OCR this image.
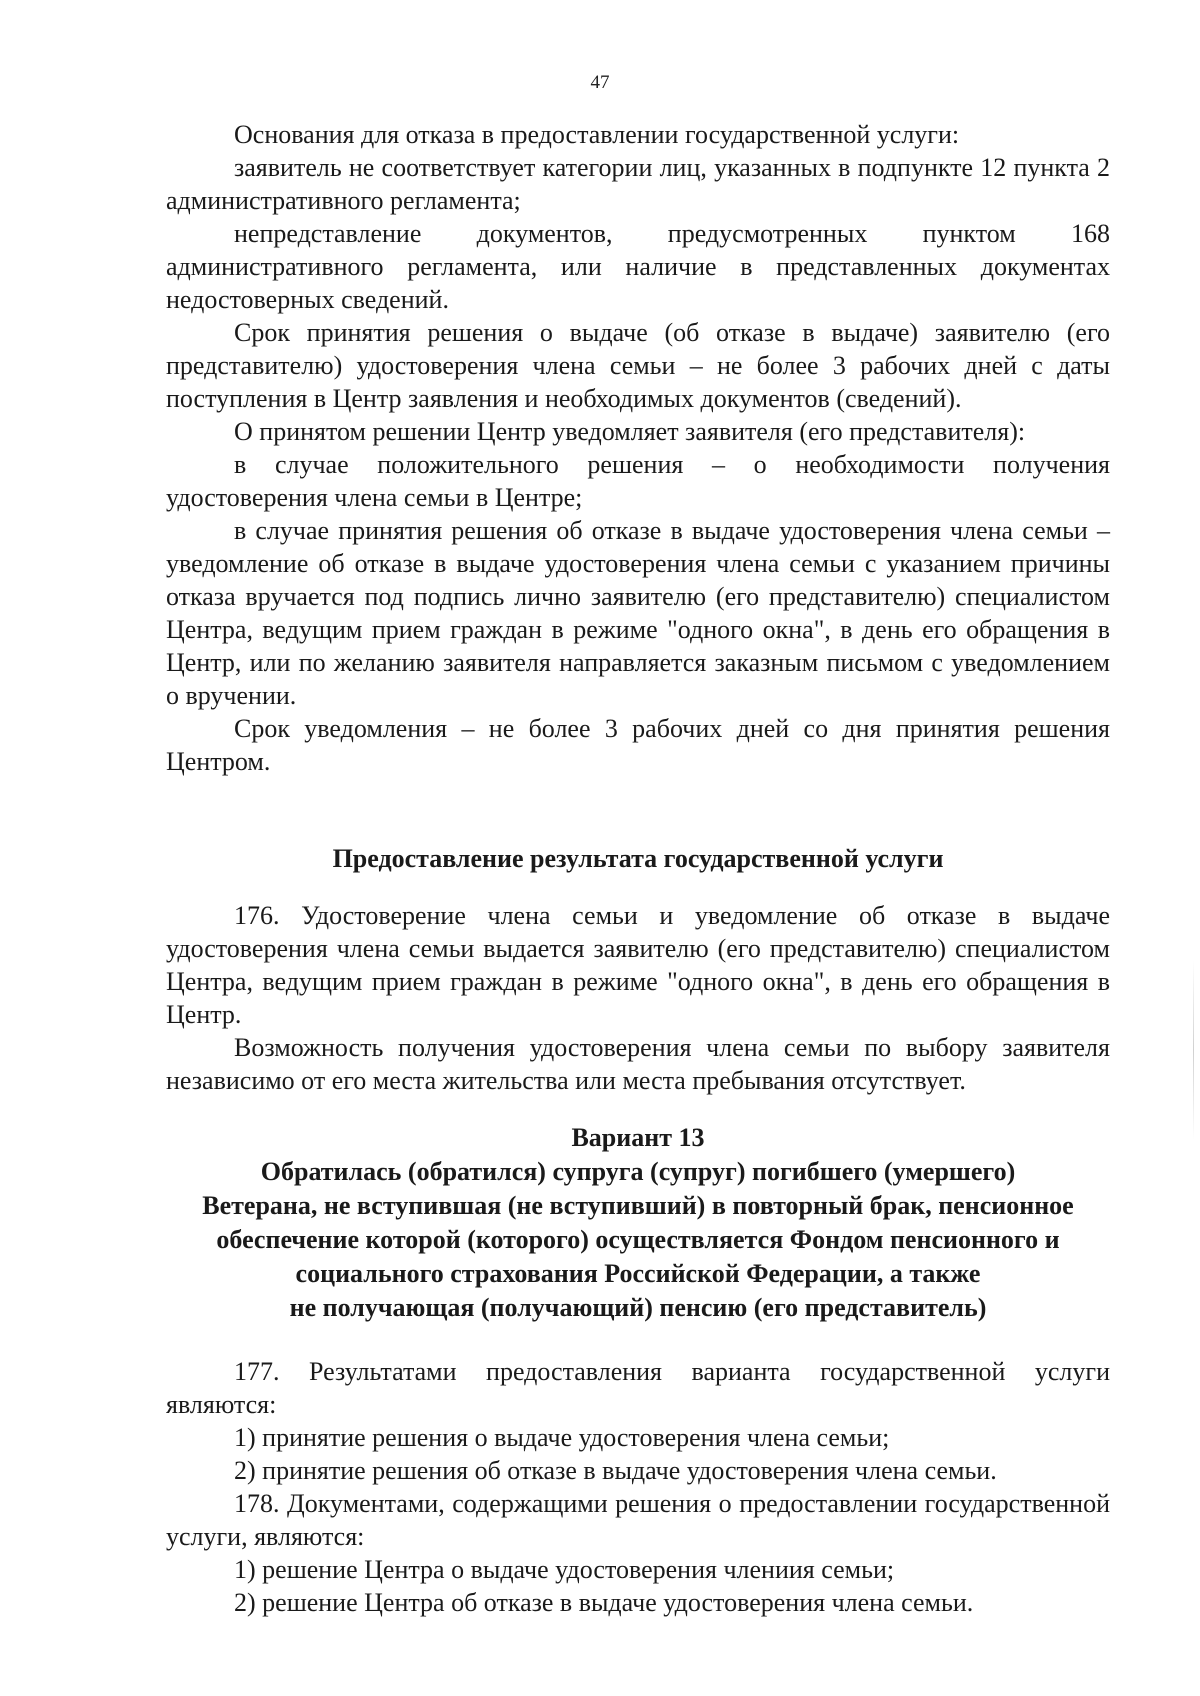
47

Основания для отказа в предоставлении государственной услуги:

заявитель не соответствует категории лиц, указанных в подпункте 12 пункта 2 административного регламента;

непредставление документов, предусмотренных пунктом 168 административного регламента, или наличие в представленных документах недостоверных сведений.

Срок принятия решения о выдаче (об отказе в выдаче) заявителю (его представителю) удостоверения члена семьи – не более 3 рабочих дней с даты поступления в Центр заявления и необходимых документов (сведений).

О принятом решении Центр уведомляет заявителя (его представителя):

в случае положительного решения – о необходимости получения удостоверения члена семьи в Центре;

в случае принятия решения об отказе в выдаче удостоверения члена семьи – уведомление об отказе в выдаче удостоверения члена семьи с указанием причины отказа вручается под подпись лично заявителю (его представителю) специалистом Центра, ведущим прием граждан в режиме "одного окна", в день его обращения в Центр, или по желанию заявителя направляется заказным письмом с уведомлением о вручении.

Срок уведомления – не более 3 рабочих дней со дня принятия решения Центром.

Предоставление результата государственной услуги

176. Удостоверение члена семьи и уведомление об отказе в выдаче удостоверения члена семьи выдается заявителю (его представителю) специалистом Центра, ведущим прием граждан в режиме "одного окна", в день его обращения в Центр.

Возможность получения удостоверения члена семьи по выбору заявителя независимо от его места жительства или места пребывания отсутствует.

Вариант 13
Обратилась (обратился) супруга (супруг) погибшего (умершего)
Ветерана, не вступившая (не вступивший) в повторный брак, пенсионное
обеспечение которой (которого) осуществляется Фондом пенсионного и
социального страхования Российской Федерации, а также
не получающая (получающий) пенсию (его представитель)

177. Результатами предоставления варианта государственной услуги являются:

1) принятие решения о выдаче удостоверения члена семьи;

2) принятие решения об отказе в выдаче удостоверения члена семьи.

178. Документами, содержащими решения о предоставлении государственной услуги, являются:

1) решение Центра о выдаче удостоверения члениия семьи;

2) решение Центра об отказе в выдаче удостоверения члена семьи.
